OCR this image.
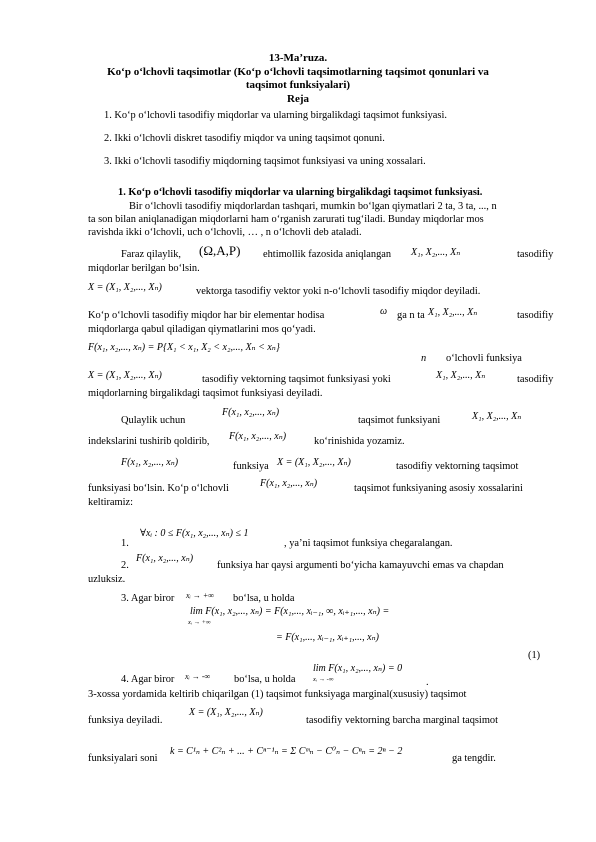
13-Ma’ruza.
Ko‘p o‘lchovli taqsimotlar (Ko‘p o‘lchovli taqsimotlarning taqsimot qonunlari va
taqsimot funksiyalari)
Reja
1. Ko‘p o‘lchovli tasodifiy miqdorlar va ularning birgalikdagi taqsimot funksiyasi.
2. Ikki o‘lchovli diskret tasodifiy miqdor va uning taqsimot qonuni.
3. Ikki o‘lchovli tasodifiy miqdorning taqsimot funksiyasi va uning xossalari.
1. Ko‘p o‘lchovli tasodifiy miqdorlar va ularning birgalikdagi taqsimot funksiyasi.
Bir o‘lchovli tasodifiy miqdorlardan tashqari, mumkin bo‘lgan qiymatlari 2 ta, 3 ta, ..., n
ta son bilan aniqlanadigan miqdorlarni ham o‘rganish zarurati tug‘iladi. Bunday miqdorlar mos
ravishda ikki o‘lchovli, uch o‘lchovli, … , n o‘lchovli deb ataladi.
Faraz qilaylik, (Ω,A,P) ehtimollik fazosida aniqlangan X₁, X₂,..., Xₙ	tasodifiy
miqdorlar berilgan bo‘lsin.
X = (X₁, X₂,..., Xₙ)	vektorga tasodifiy vektor yoki n-o‘lchovli tasodifiy miqdor deyiladi.
Ko‘p o‘lchovli tasodifiy miqdor har bir elementar hodisa	ω ga n ta X₁, X₂,..., Xₙ	tasodifiy
miqdorlarga qabul qiladigan qiymatlarini mos qo‘yadi.
F(x₁, x₂,..., xₙ) = P{X₁ < x₁, X₂ < x₂,..., Xₙ < xₙ}
n o‘lchovli funksiya
X = (X₁, X₂,..., Xₙ)	tasodifiy vektorning taqsimot funksiyasi yoki	X₁, X₂,..., Xₙ	tasodifiy
miqdorlarning birgalikdagi taqsimot funksiyasi deyiladi.
Qulaylik uchun
F(x₁, x₂,..., xₙ)
taqsimot funksiyani	X₁, X₂,..., Xₙ
indekslarini tushirib qoldirib, F(x₁, x₂,..., xₙ)	ko‘rinishida yozamiz.
F(x₁, x₂,..., xₙ)	funksiya X = (X₁, X₂,..., Xₙ)	tasodifiy vektorning taqsimot
funksiyasi bo‘lsin. Ko‘p o‘lchovli	F(x₁, x₂,..., xₙ)	taqsimot funksiyaning asosiy xossalarini
keltiramiz:
1.
∀xᵢ : 0 ≤ F(x₁, x₂,..., xₙ) ≤ 1
, ya’ni taqsimot funksiya chegaralangan.
2.
F(x₁, x₂,..., xₙ)
funksiya har qaysi argumenti bo‘yicha kamayuvchi emas va chapdan
uzluksiz.
3. Agar biror xᵢ → +∞ bo‘lsa, u holda
lim F(x₁, x₂,..., xₙ) = F(x₁,..., xᵢ₋₁, ∞, xᵢ₊₁,..., xₙ) =
xᵢ → +∞
= F(x₁,..., xᵢ₋₁, xᵢ₊₁,..., xₙ)
(1)
4. Agar biror xᵢ → -∞ bo‘lsa, u holda
lim F(x₁, x₂,..., xₙ) = 0
xᵢ → -∞	.
3-xossa yordamida keltirib chiqarilgan (1) taqsimot funksiyaga marginal(xususiy) taqsimot
funksiya deyiladi.
X = (X₁, X₂,..., Xₙ)
tasodifiy vektorning barcha marginal taqsimot
funksiyalari soni
k = C¹ₙ + C²ₙ + ... + Cⁿ⁻¹ₙ = Σ Cᵐₙ − C⁰ₙ − Cⁿₙ = 2ⁿ − 2
ga tengdir.
